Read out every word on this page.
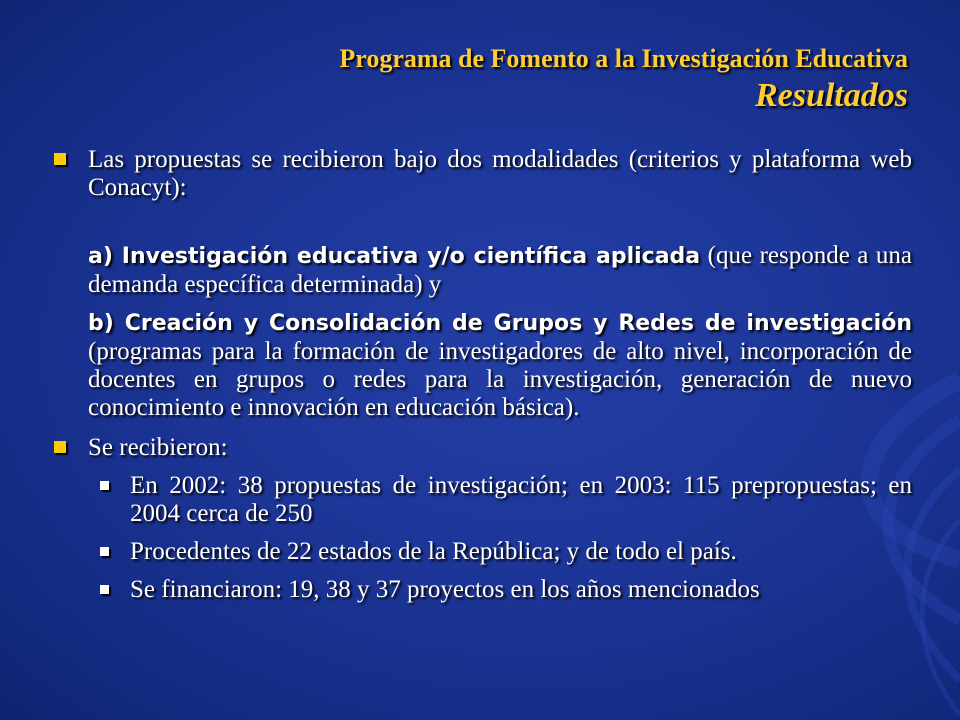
Programa de Fomento a la Investigación Educativa
Resultados
Las propuestas se recibieron bajo dos modalidades (criterios y plataforma web Conacyt):
a) Investigación educativa y/o científica aplicada (que responde a una demanda específica determinada) y
b) Creación y Consolidación de Grupos y Redes de investigación (programas para la formación de investigadores de alto nivel, incorporación de docentes en grupos o redes para la investigación, generación de nuevo conocimiento e innovación en educación básica).
Se recibieron:
En 2002: 38 propuestas de investigación; en 2003: 115 prepropuestas; en 2004 cerca de 250
Procedentes de 22 estados de la República; y de todo el país.
Se financiaron: 19, 38 y 37 proyectos en los años mencionados
